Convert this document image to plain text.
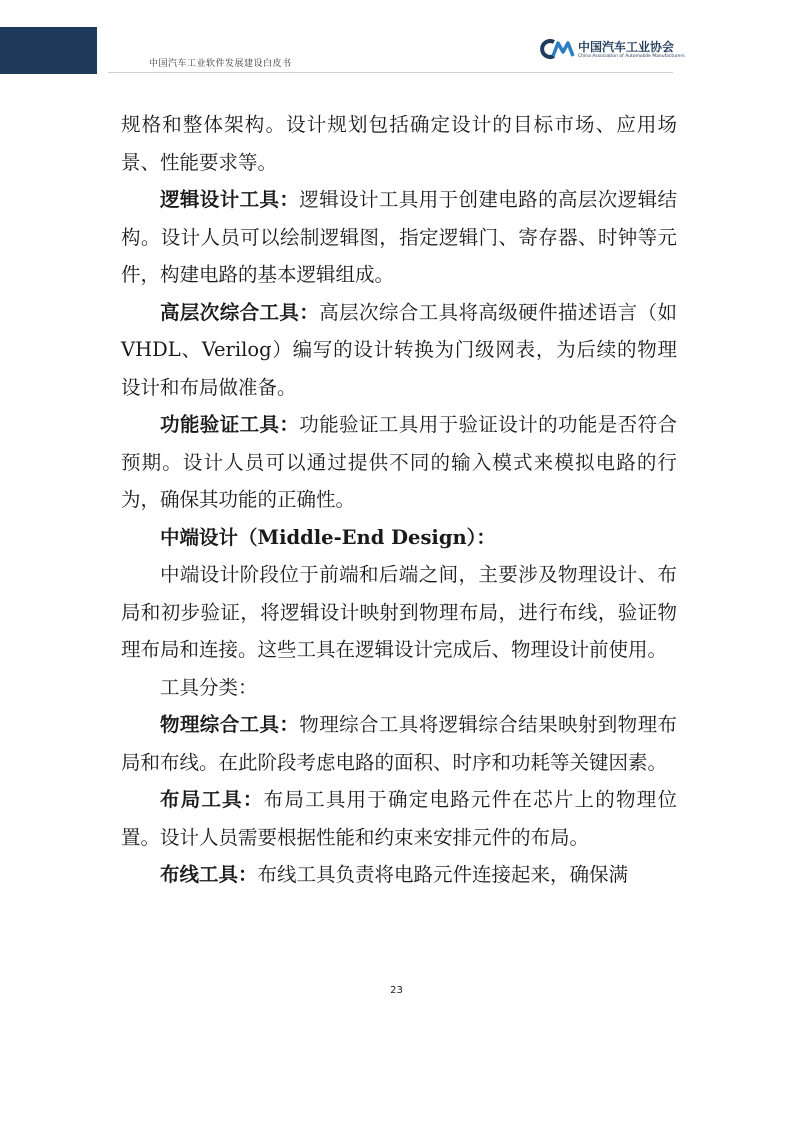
中国汽车工业软件发展建设白皮书
中国汽车工业协会
China Association of Automobile Manufacturers

规格和整体架构。设计规划包括确定设计的目标市场、应用场景、性能要求等。

逻辑设计工具：逻辑设计工具用于创建电路的高层次逻辑结构。设计人员可以绘制逻辑图，指定逻辑门、寄存器、时钟等元件，构建电路的基本逻辑组成。

高层次综合工具：高层次综合工具将高级硬件描述语言（如 VHDL、Verilog）编写的设计转换为门级网表，为后续的物理设计和布局做准备。

功能验证工具：功能验证工具用于验证设计的功能是否符合预期。设计人员可以通过提供不同的输入模式来模拟电路的行为，确保其功能的正确性。

中端设计（Middle-End Design）：

中端设计阶段位于前端和后端之间，主要涉及物理设计、布局和初步验证，将逻辑设计映射到物理布局，进行布线，验证物理布局和连接。这些工具在逻辑设计完成后、物理设计前使用。

工具分类：

物理综合工具：物理综合工具将逻辑综合结果映射到物理布局和布线。在此阶段考虑电路的面积、时序和功耗等关键因素。

布局工具：布局工具用于确定电路元件在芯片上的物理位置。设计人员需要根据性能和约束来安排元件的布局。

布线工具：布线工具负责将电路元件连接起来，确保满

23
